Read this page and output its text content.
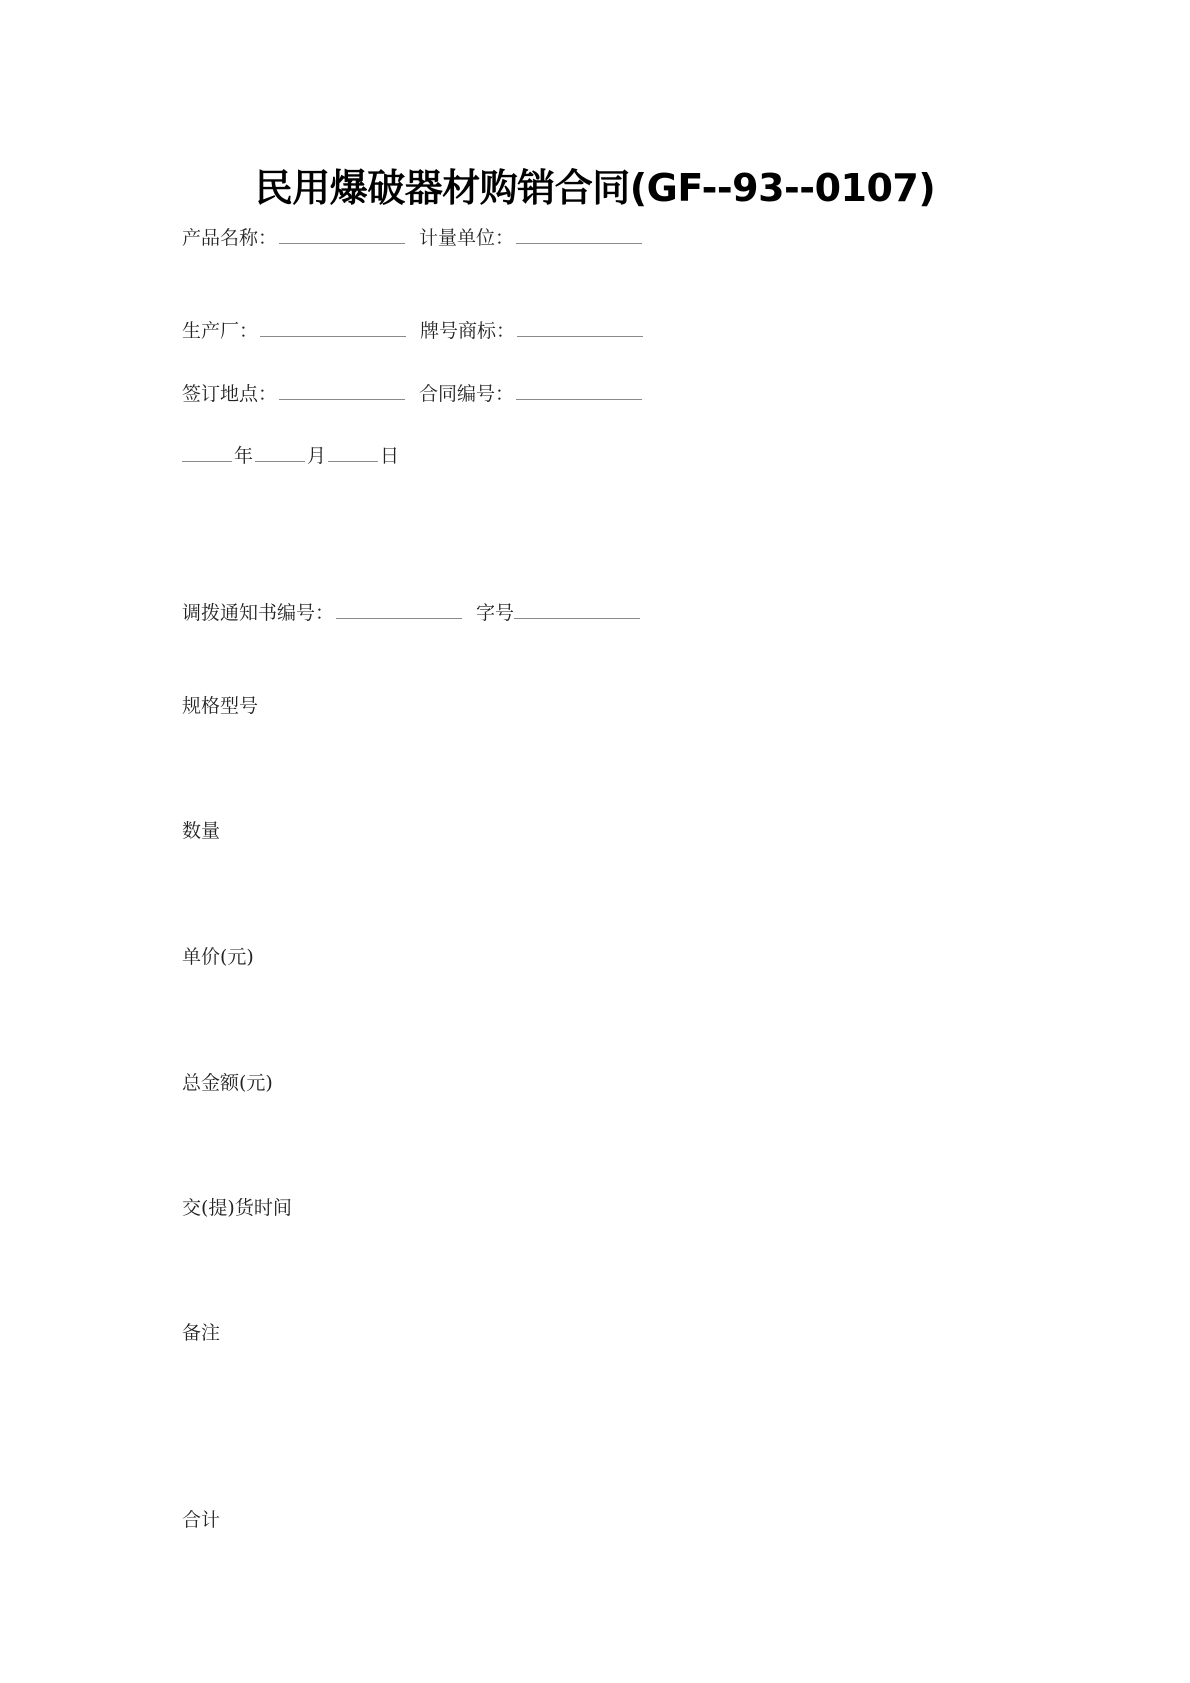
民用爆破器材购销合同(GF--93--0107)
产品名称：	计量单位：
生产厂：	牌号商标：
签订地点：	合同编号：
年	月	日
调拨通知书编号：	字号
规格型号
数量
单价(元)
总金额(元)
交(提)货时间
备注
合计
